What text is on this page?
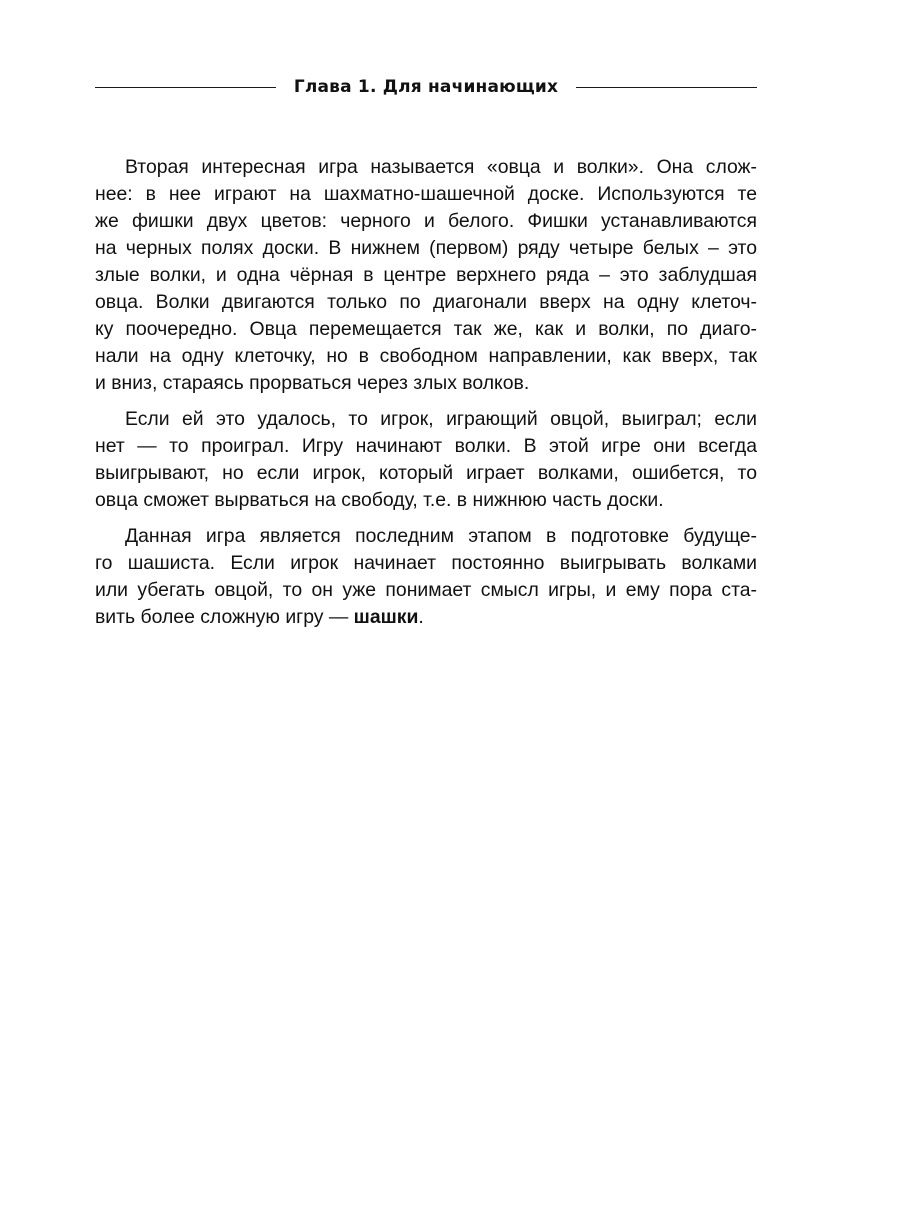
Глава 1. Для начинающих
Вторая интересная игра называется «овца и волки». Она слож-
нее: в нее играют на шахматно-шашечной доске. Используются те
же фишки двух цветов: черного и белого. Фишки устанавливаются
на черных полях доски. В нижнем (первом) ряду четыре белых – это
злые волки, и одна чёрная в центре верхнего ряда – это заблудшая
овца. Волки двигаются только по диагонали вверх на одну клеточ-
ку поочередно. Овца перемещается так же, как и волки, по диаго-
нали на одну клеточку, но в свободном направлении, как вверх, так
и вниз, стараясь прорваться через злых волков.
Если ей это удалось, то игрок, играющий овцой, выиграл; если
нет — то проиграл. Игру начинают волки. В этой игре они всегда
выигрывают, но если игрок, который играет волками, ошибется, то
овца сможет вырваться на свободу, т.е. в нижнюю часть доски.
Данная игра является последним этапом в подготовке будуще-
го шашиста. Если игрок начинает постоянно выигрывать волками
или убегать овцой, то он уже понимает смысл игры, и ему пора ста-
вить более сложную игру — шашки.
